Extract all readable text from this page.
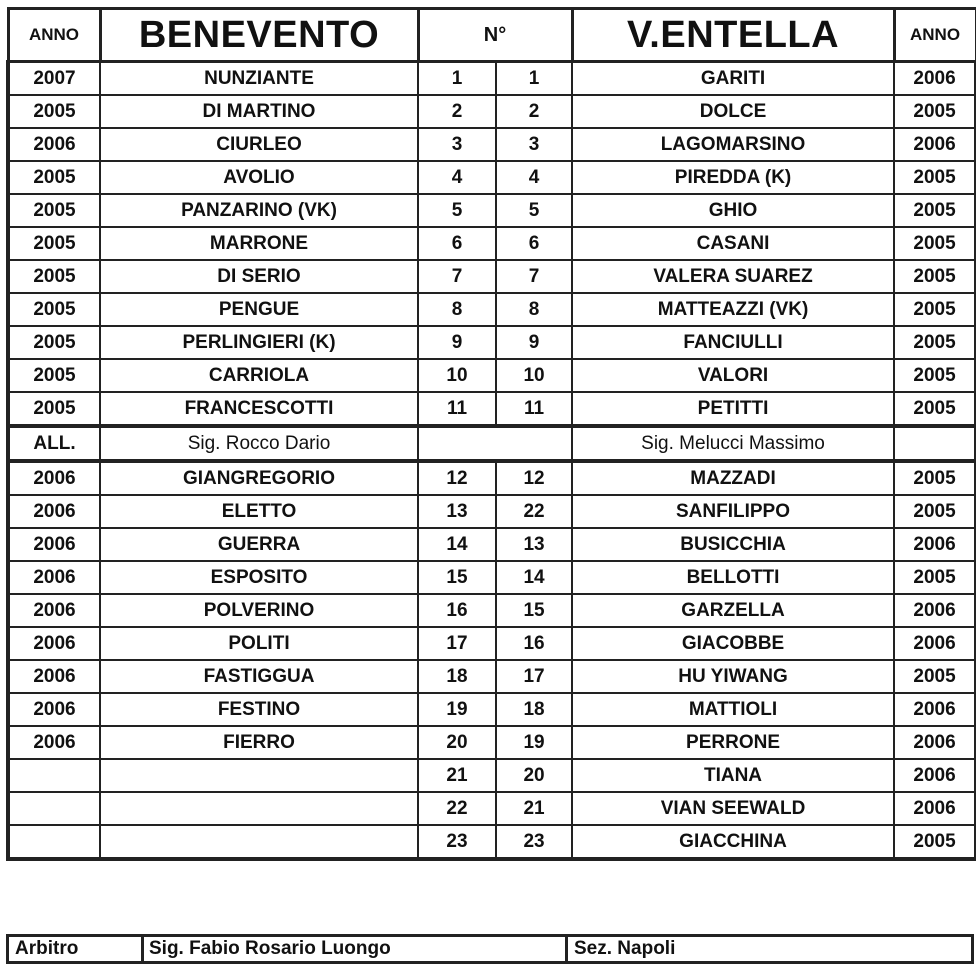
ANNO	BENEVENTO	N°		V.ENTELLA	ANNO
2007	NUNZIANTE	1	1	GARITI	2006
2005	DI MARTINO	2	2	DOLCE	2005
2006	CIURLEO	3	3	LAGOMARSINO	2006
2005	AVOLIO	4	4	PIREDDA (K)	2005
2005	PANZARINO (VK)	5	5	GHIO	2005
2005	MARRONE	6	6	CASANI	2005
2005	DI SERIO	7	7	VALERA SUAREZ	2005
2005	PENGUE	8	8	MATTEAZZI (VK)	2005
2005	PERLINGIERI (K)	9	9	FANCIULLI	2005
2005	CARRIOLA	10	10	VALORI	2005
2005	FRANCESCOTTI	11	11	PETITTI	2005
ALL.	Sig. Rocco Dario			Sig. Melucci Massimo	
2006	GIANGREGORIO	12	12	MAZZADI	2005
2006	ELETTO	13	22	SANFILIPPO	2005
2006	GUERRA	14	13	BUSICCHIA	2006
2006	ESPOSITO	15	14	BELLOTTI	2005
2006	POLVERINO	16	15	GARZELLA	2006
2006	POLITI	17	16	GIACOBBE	2006
2006	FASTIGGUA	18	17	HU YIWANG	2005
2006	FESTINO	19	18	MATTIOLI	2006
2006	FIERRO	20	19	PERRONE	2006
		21	20	TIANA	2006
		22	21	VIAN SEEWALD	2006
		23	23	GIACCHINA	2005
Arbitro	Sig. Fabio Rosario Luongo	Sez. Napoli
